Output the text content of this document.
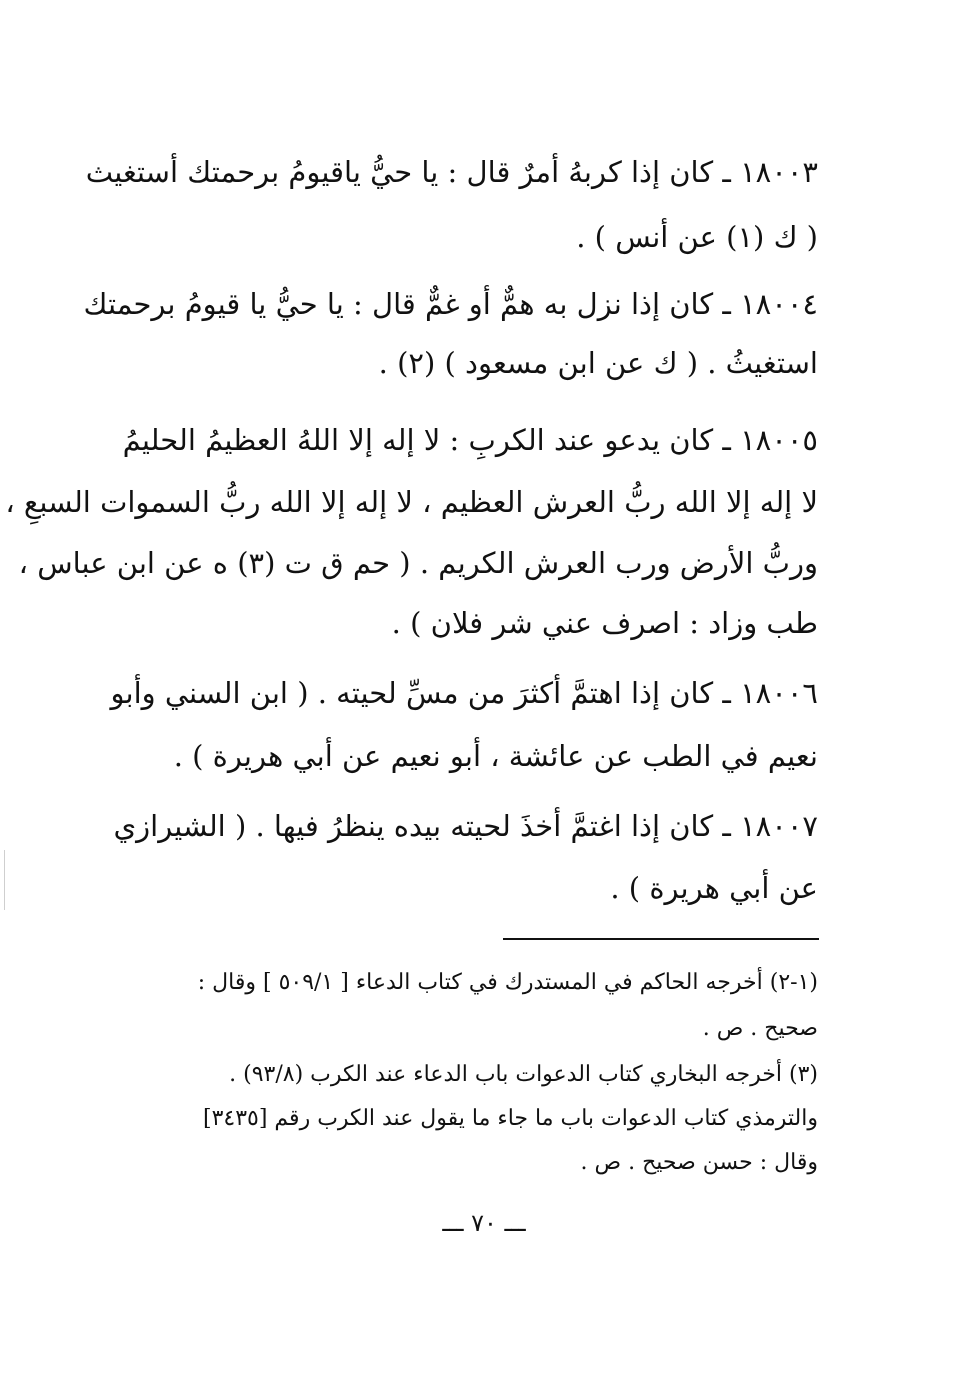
١٨٠٠٣ ـ كان إذا كربهُ أمرٌ قال : يا حيُّ ياقيومُ برحمتك أستغيث
( ك (١) عن أنس ) .
١٨٠٠٤ ـ كان إذا نزل به همٌّ أو غمٌّ قال : يا حيُّ يا قيومُ برحمتك
استغيثُ . ( ك عن ابن مسعود ) (٢) .
١٨٠٠٥ ـ كان يدعو عند الكربِ : لا إله إلا اللهُ العظيمُ الحليمُ
لا إله إلا الله ربُّ العرش العظيم ، لا إله إلا الله ربُّ السموات السبعِ ،
وربُّ الأرض ورب العرش الكريم . ( حم ق ت (٣) ه عن ابن عباس ،
طب وزاد : اصرف عني شر فلان ) .
١٨٠٠٦ ـ كان إذا اهتمَّ أكثرَ من مسِّ لحيته . ( ابن السني وأبو
نعيم في الطب عن عائشة ، أبو نعيم عن أبي هريرة ) .
١٨٠٠٧ ـ كان إذا اغتمَّ أخذَ لحيته بيده ينظرُ فيها . ( الشيرازي
عن أبي هريرة ) .
(١-٢) أخرجه الحاكم في المستدرك في كتاب الدعاء [ ٥٠٩/١ ] وقال :
صحيح . ص .
(٣) أخرجه البخاري كتاب الدعوات باب الدعاء عند الكرب (٩٣/٨) .
والترمذي كتاب الدعوات باب ما جاء ما يقول عند الكرب رقم [٣٤٣٥]
وقال : حسن صحيح . ص .
ـــ ٧٠ ـــ
